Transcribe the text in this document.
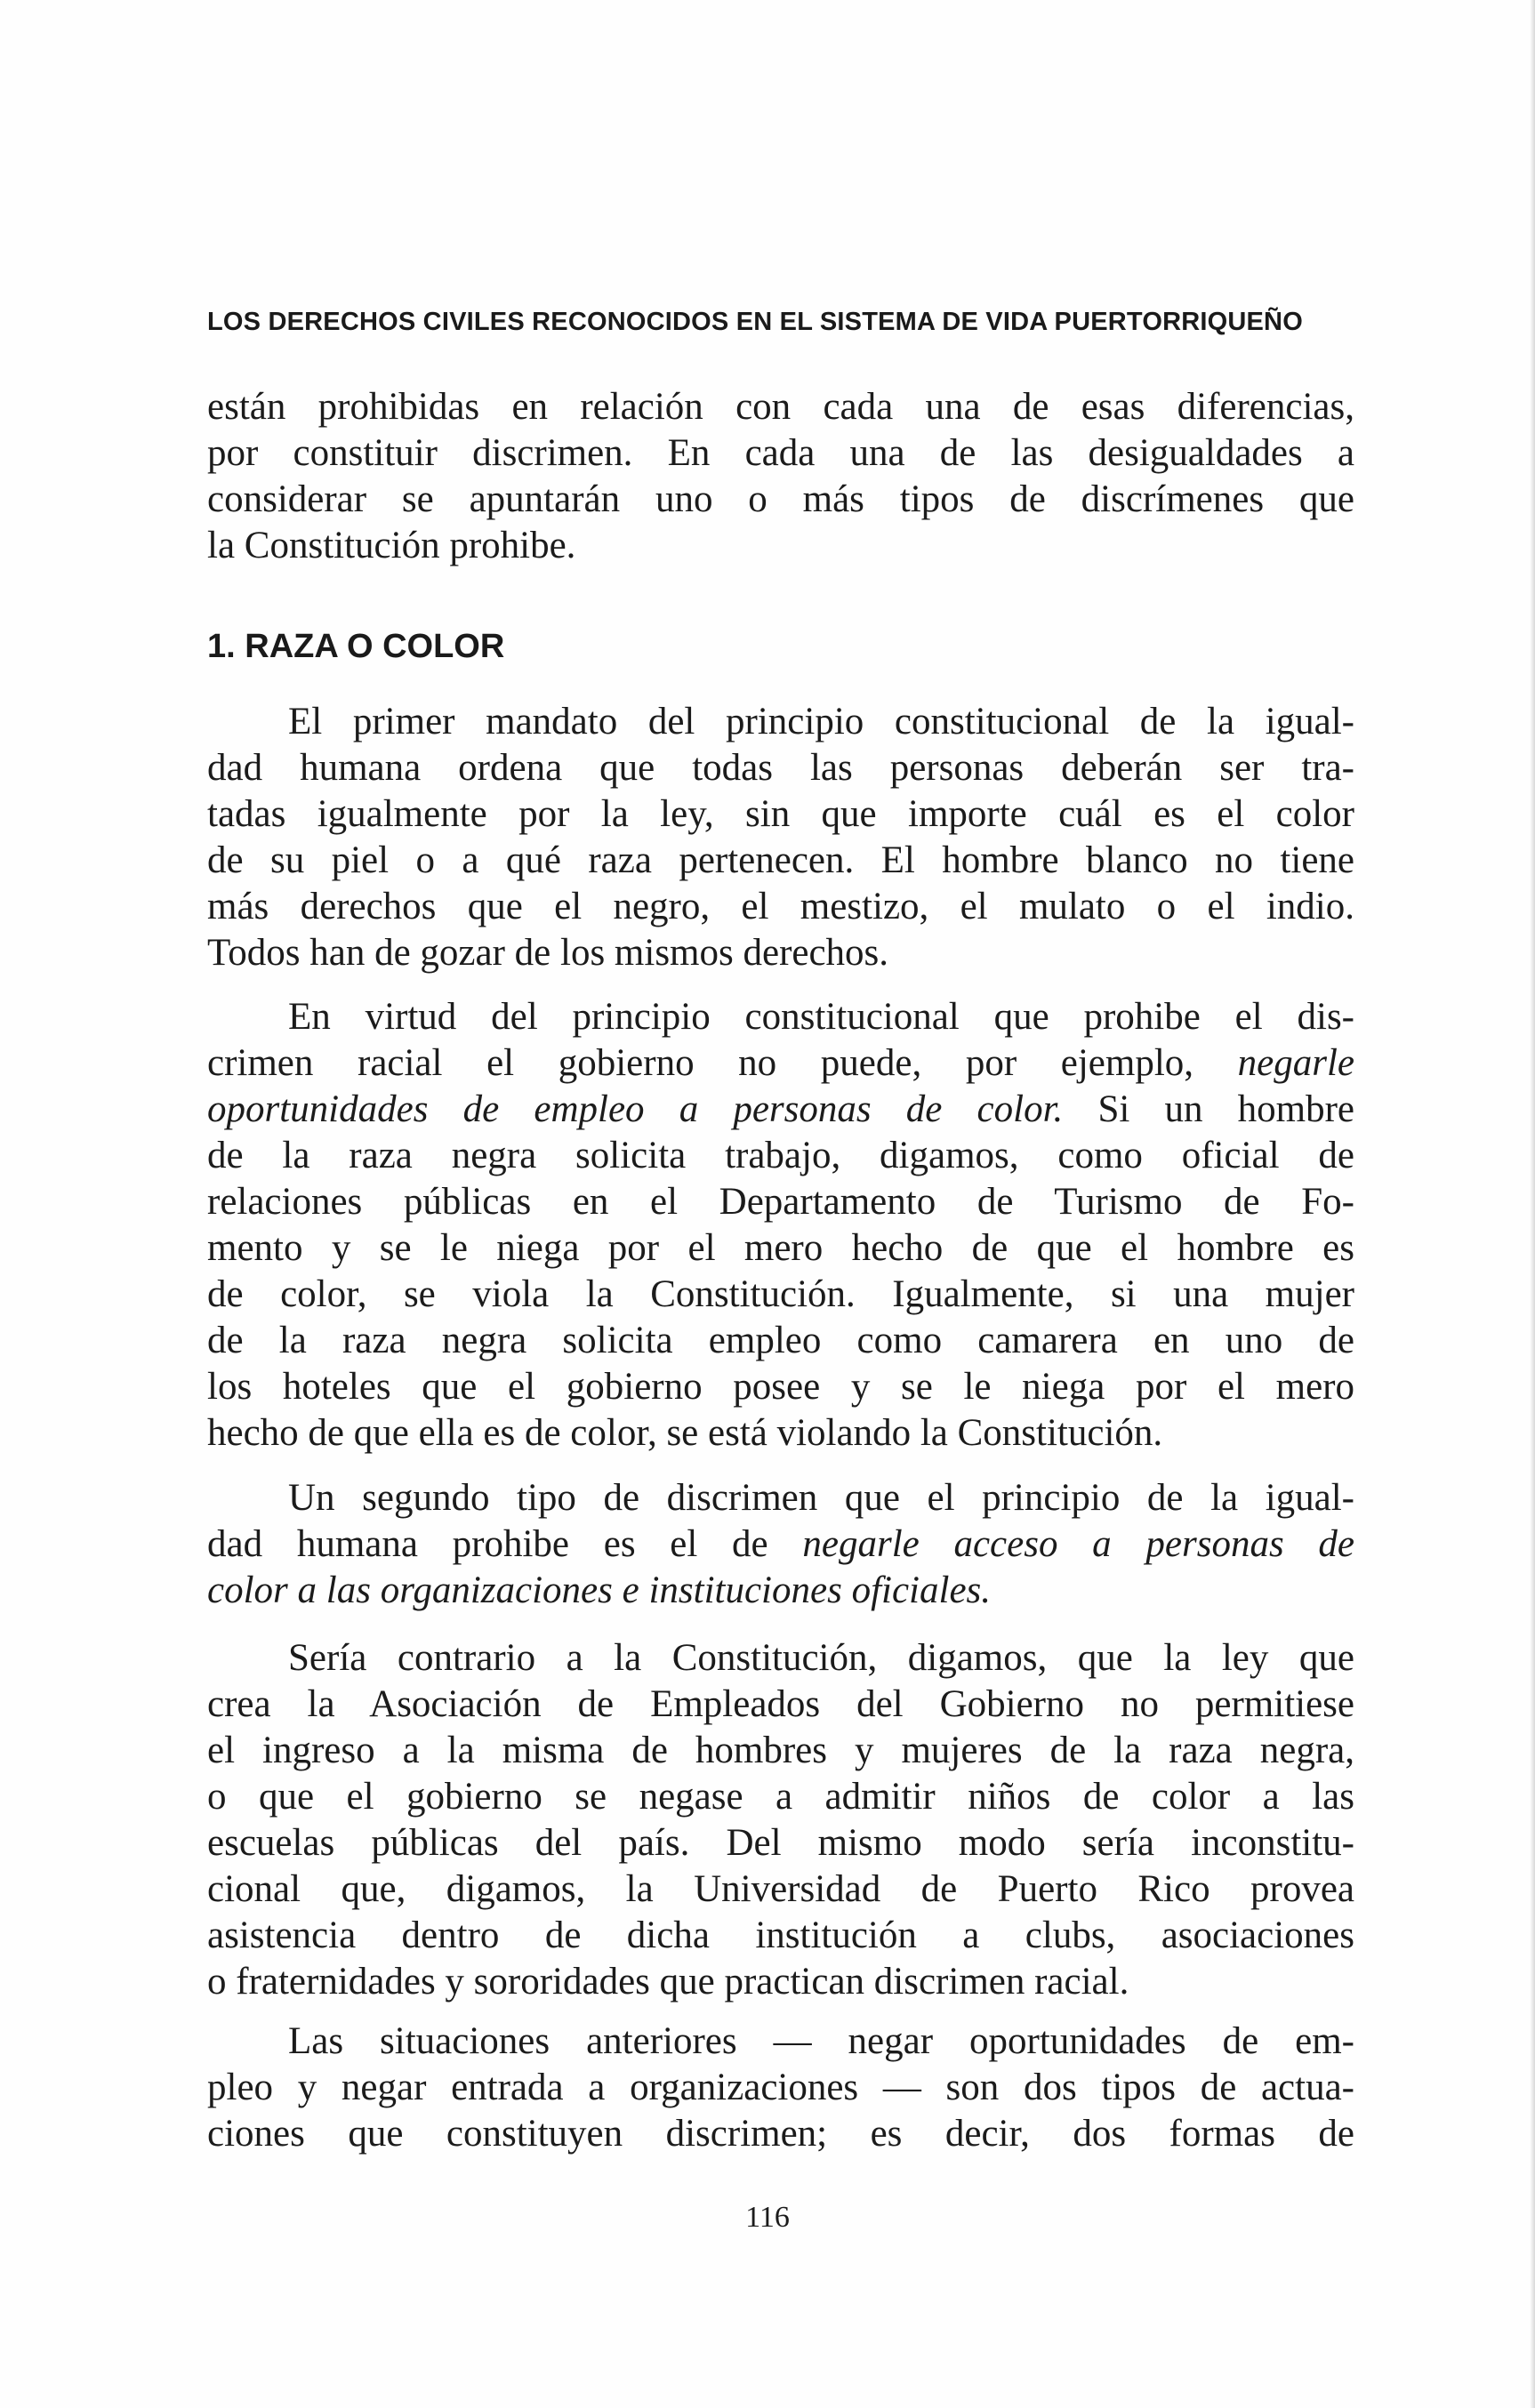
LOS DERECHOS CIVILES RECONOCIDOS EN EL SISTEMA DE VIDA PUERTORRIQUEÑO
están prohibidas en relación con cada una de esas diferencias,
por constituir discrimen. En cada una de las desigualdades a
considerar se apuntarán uno o más tipos de discrímenes que
la Constitución prohibe.
1. RAZA O COLOR
El primer mandato del principio constitucional de la igual-
dad humana ordena que todas las personas deberán ser tra-
tadas igualmente por la ley, sin que importe cuál es el color
de su piel o a qué raza pertenecen. El hombre blanco no tiene
más derechos que el negro, el mestizo, el mulato o el indio.
Todos han de gozar de los mismos derechos.
En virtud del principio constitucional que prohibe el dis-
crimen racial el gobierno no puede, por ejemplo, negarle
oportunidades de empleo a personas de color. Si un hombre
de la raza negra solicita trabajo, digamos, como oficial de
relaciones públicas en el Departamento de Turismo de Fo-
mento y se le niega por el mero hecho de que el hombre es
de color, se viola la Constitución. Igualmente, si una mujer
de la raza negra solicita empleo como camarera en uno de
los hoteles que el gobierno posee y se le niega por el mero
hecho de que ella es de color, se está violando la Constitución.
Un segundo tipo de discrimen que el principio de la igual-
dad humana prohibe es el de negarle acceso a personas de
color a las organizaciones e instituciones oficiales.
Sería contrario a la Constitución, digamos, que la ley que
crea la Asociación de Empleados del Gobierno no permitiese
el ingreso a la misma de hombres y mujeres de la raza negra,
o que el gobierno se negase a admitir niños de color a las
escuelas públicas del país. Del mismo modo sería inconstitu-
cional que, digamos, la Universidad de Puerto Rico provea
asistencia dentro de dicha institución a clubs, asociaciones
o fraternidades y sororidades que practican discrimen racial.
Las situaciones anteriores — negar oportunidades de em-
pleo y negar entrada a organizaciones — son dos tipos de actua-
ciones que constituyen discrimen; es decir, dos formas de
116
